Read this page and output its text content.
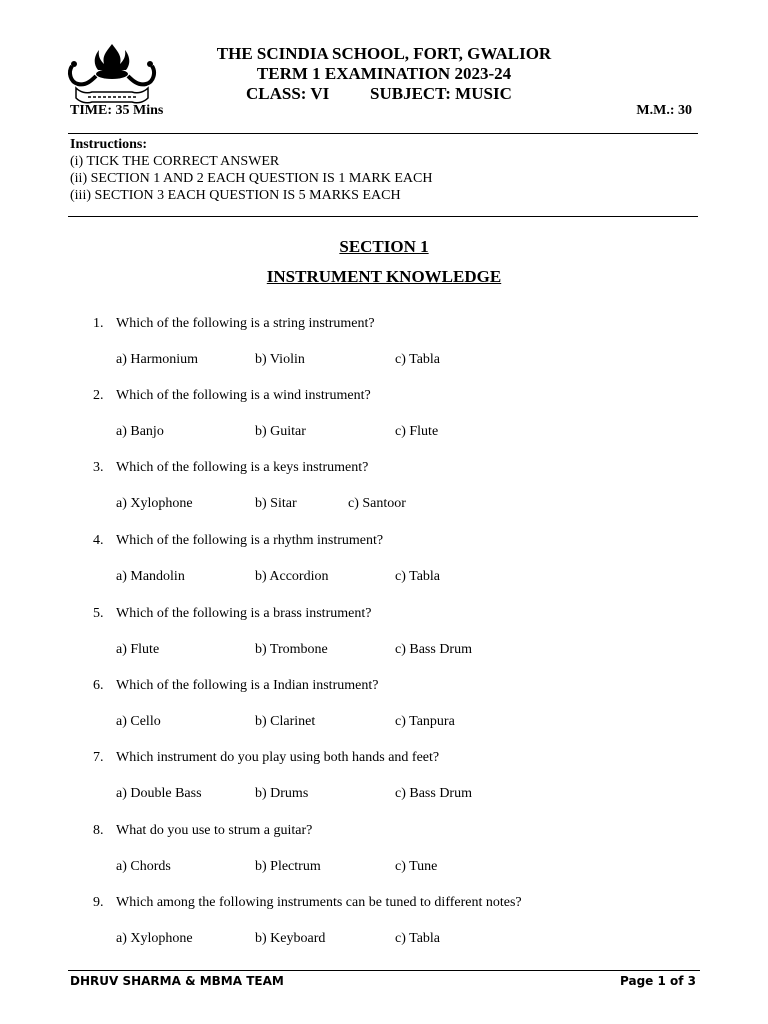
THE SCINDIA SCHOOL, FORT, GWALIOR
TERM 1 EXAMINATION 2023-24
CLASS: VI SUBJECT: MUSIC
TIME: 35 Mins	M.M.: 30
Instructions:
(i) TICK THE CORRECT ANSWER
(ii) SECTION 1 AND 2 EACH QUESTION IS 1 MARK EACH
(iii) SECTION 3 EACH QUESTION IS 5 MARKS EACH
SECTION 1
INSTRUMENT KNOWLEDGE
1. Which of the following is a string instrument?
a) Harmonium	b) Violin	c) Tabla
2. Which of the following is a wind instrument?
a) Banjo	b) Guitar	c) Flute
3. Which of the following is a keys instrument?
a) Xylophone	b) Sitar	c) Santoor
4. Which of the following is a rhythm instrument?
a) Mandolin	b) Accordion	c) Tabla
5. Which of the following is a brass instrument?
a) Flute	b) Trombone	c) Bass Drum
6. Which of the following is a Indian instrument?
a) Cello	b) Clarinet	c) Tanpura
7. Which instrument do you play using both hands and feet?
a) Double Bass	b) Drums	c) Bass Drum
8. What do you use to strum a guitar?
a) Chords	b) Plectrum	c) Tune
9. Which among the following instruments can be tuned to different notes?
a) Xylophone	b) Keyboard	c) Tabla
DHRUV SHARMA & MBMA TEAM	Page 1 of 3
